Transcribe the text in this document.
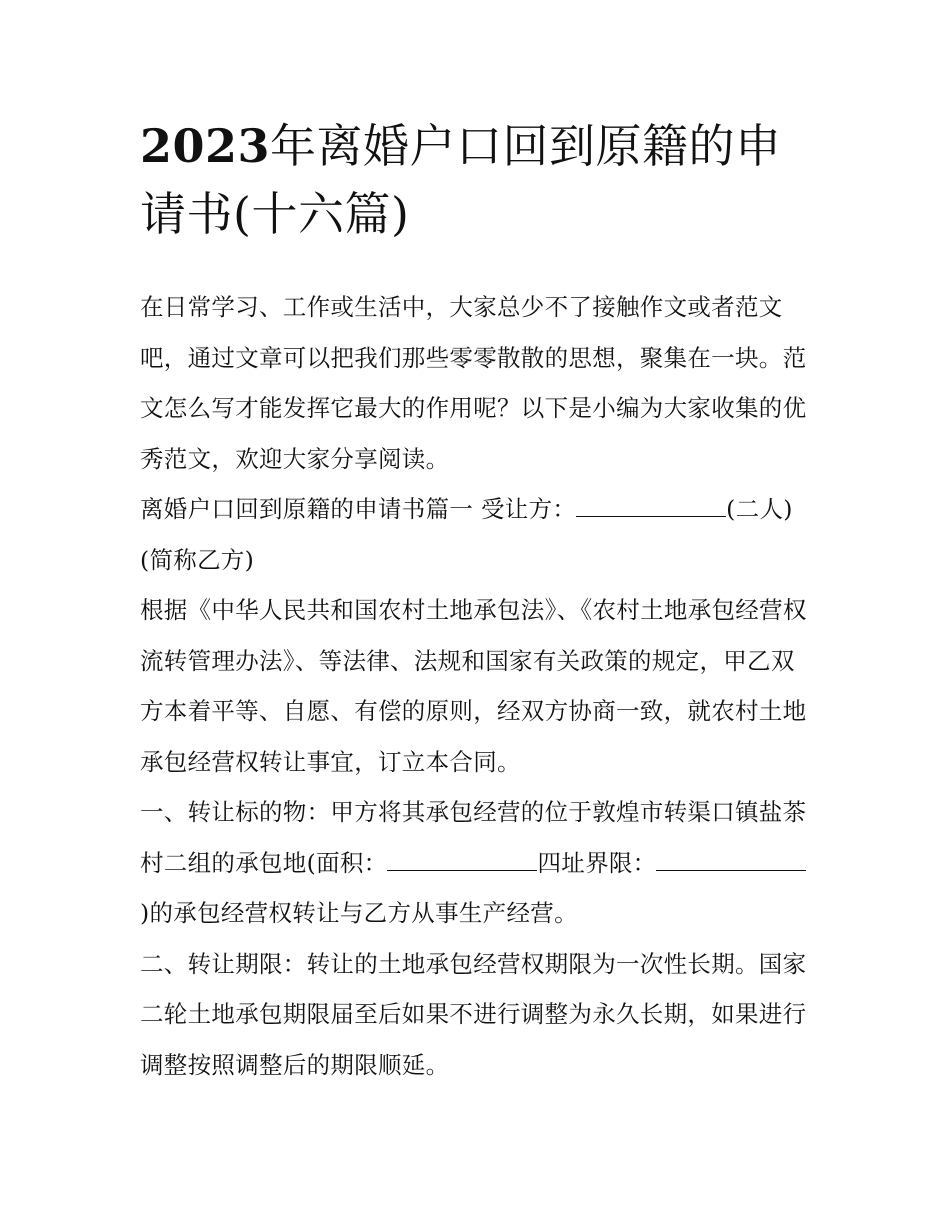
2023年离婚户口回到原籍的申请书(十六篇)

在日常学习、工作或生活中，大家总少不了接触作文或者范文吧，通过文章可以把我们那些零零散散的思想，聚集在一块。范文怎么写才能发挥它最大的作用呢？以下是小编为大家收集的优秀范文，欢迎大家分享阅读。

离婚户口回到原籍的申请书篇一 受让方：	(二人)(简称乙方)

根据《中华人民共和国农村土地承包法》、《农村土地承包经营权流转管理办法》、等法律、法规和国家有关政策的规定，甲乙双方本着平等、自愿、有偿的原则，经双方协商一致，就农村土地承包经营权转让事宜，订立本合同。

一、转让标的物：甲方将其承包经营的位于敦煌市转渠口镇盐茶村二组的承包地(面积：	四址界限：)的承包经营权转让与乙方从事生产经营。

二、转让期限：转让的土地承包经营权期限为一次性长期。国家二轮土地承包期限届至后如果不进行调整为永久长期，如果进行调整按照调整后的期限顺延。
